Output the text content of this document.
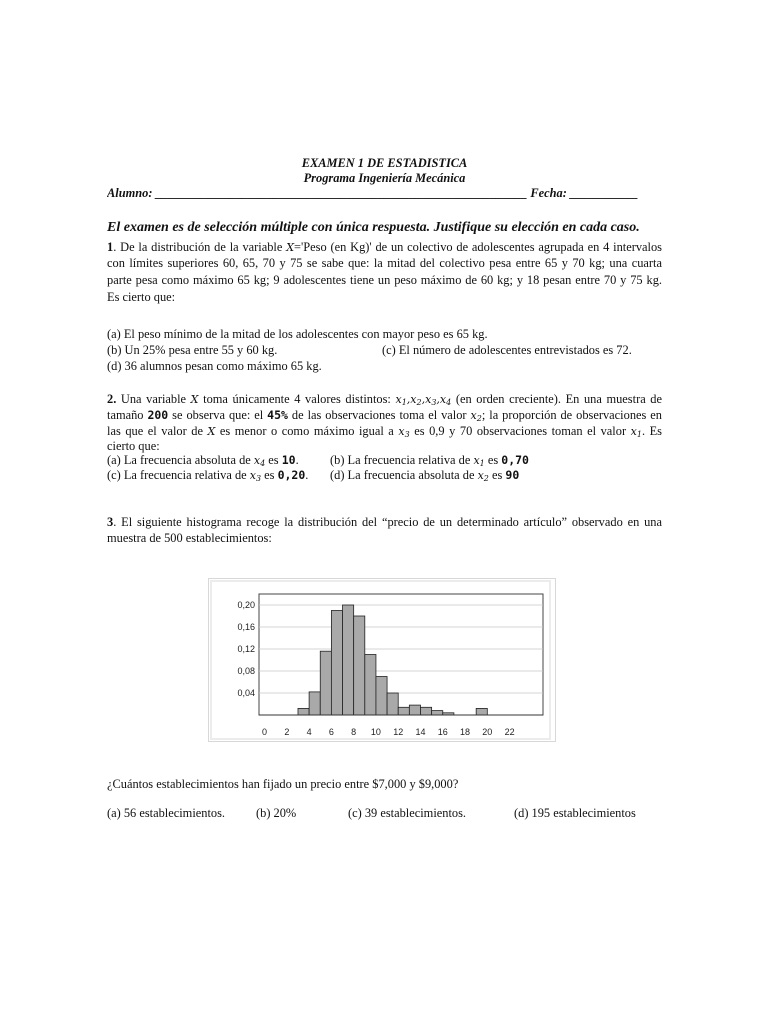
EXAMEN 1 DE ESTADISTICA
Programa Ingeniería Mecánica
Alumno: ____________________________________________________________ Fecha: ___________
El examen es de selección múltiple con única respuesta. Justifique su elección en cada caso.
1. De la distribución de la variable X='Peso (en Kg)' de un colectivo de adolescentes agrupada en 4 intervalos
con límites superiores 60, 65, 70 y 75 se sabe que: la mitad del colectivo pesa entre 65 y 70 kg; una cuarta
parte pesa como máximo 65 kg; 9 adolescentes tiene un peso máximo de 60 kg; y 18 pesan entre 70 y 75 kg.
Es cierto que:
(a) El peso mínimo de la mitad de los adolescentes con mayor peso es 65 kg.
(b) Un 25% pesa entre 55 y 60 kg.	(c) El número de adolescentes entrevistados es 72.
(d) 36 alumnos pesan como máximo 65 kg.
2. Una variable X toma únicamente 4 valores distintos: $x_1,x_2,x_3,x_4$ (en orden creciente). En una muestra de
tamaño 200 se observa que: el 45% de las observaciones toma el valor $x_2$; la proporción de observaciones en
las que el valor de X es menor o como máximo igual a $x_3$ es 0,9 y 70 observaciones toman el valor $x_1$. Es
cierto que:
(a) La frecuencia absoluta de $x_4$ es 10.	(b) La frecuencia relativa de $x_1$ es 0,70
(c) La frecuencia relativa de $x_3$ es 0,20. (d) La frecuencia absoluta de $x_2$ es 90
3. El siguiente histograma recoge la distribución del “precio de un determinado artículo” observado en una
muestra de 500 establecimientos:
0,04
0,08
0,12
0,16
0,20
0 2 4 6 8 10 12 14 16 18 20 22
¿Cuántos establecimientos han fijado un precio entre $7,000 y $9,000?
(a) 56 establecimientos. (b) 20%	(c) 39 establecimientos.	(d) 195 establecimientos
